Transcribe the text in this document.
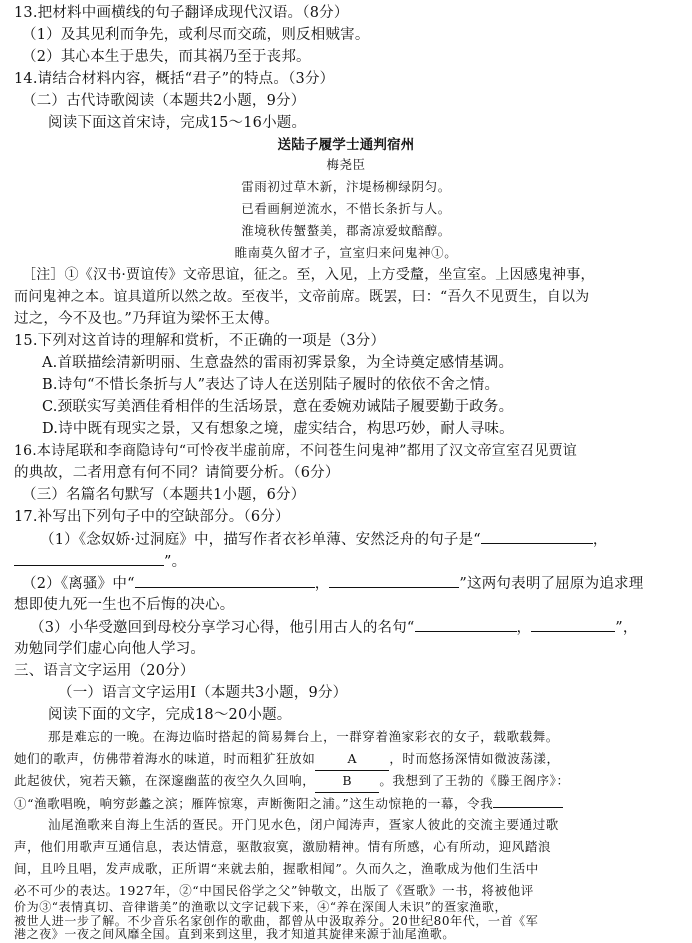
13.把材料中画横线的句子翻译成现代汉语。（8分）
（1）及其见利而争先，或利尽而交疏，则反相贼害。
（2）其心本生于患失，而其祸乃至于丧邦。
14.请结合材料内容，概括“君子”的特点。（3分）
（二）古代诗歌阅读（本题共2小题，9分）
阅读下面这首宋诗，完成15～16小题。
送陆子履学士通判宿州
梅尧臣
雷雨初过草木新，汴堤杨柳绿阴匀。
已看画舸逆流水，不惜长条折与人。
淮境秋传蟹螯美，郡斋凉爱蚊醅醇。
睢南莫久留才子，宣室归来问鬼神①。
［注］①《汉书·贾谊传》文帝思谊，征之。至，入见，上方受釐，坐宣室。上因感鬼神事，
而问鬼神之本。谊具道所以然之故。至夜半，文帝前席。既罢，曰：“吾久不见贾生，自以为
过之，今不及也。”乃拜谊为梁怀王太傅。
15.下列对这首诗的理解和赏析，不正确的一项是（3分）
A.首联描绘清新明丽、生意盎然的雷雨初霁景象，为全诗奠定感情基调。
B.诗句“不惜长条折与人”表达了诗人在送别陆子履时的依依不舍之情。
C.颈联实写美酒佳肴相伴的生活场景，意在委婉劝诫陆子履要勤于政务。
D.诗中既有现实之景，又有想象之境，虚实结合，构思巧妙，耐人寻味。
16.本诗尾联和李商隐诗句“可怜夜半虚前席，不问苍生问鬼神”都用了汉文帝宣室召见贾谊
的典故，二者用意有何不同？请简要分析。（6分）
（三）名篇名句默写（本题共1小题，6分）
17.补写出下列句子中的空缺部分。（6分）
（1）《念奴娇·过洞庭》中，描写作者衣衫单薄、安然泛舟的句子是“	，
”。
（2）《离骚》中“	，	”这两句表明了屈原为追求理
想即使九死一生也不后悔的决心。
（3）小华受邀回到母校分享学习心得，他引用古人的名句“	，	”，
劝勉同学们虚心向他人学习。
三、语言文字运用（20分）
（一）语言文字运用Ⅰ（本题共3小题，9分）
阅读下面的文字，完成18～20小题。
那是难忘的一晚。在海边临时搭起的简易舞台上，一群穿着渔家彩衣的女子，载歌载舞。
她们的歌声，仿佛带着海水的味道，时而粗犷狂放如	A	，时而悠扬深情如微波荡漾，
此起彼伏，宛若天籁，在深邃幽蓝的夜空久久回响， B 。我想到了王勃的《滕王阁序》：
①“渔歌唱晚，响穷彭蠡之滨；雁阵惊寒，声断衡阳之浦。”这生动惊艳的一幕，令我
汕尾渔歌来自海上生活的疍民。开门见水色，闭户闻涛声，疍家人彼此的交流主要通过歌
声，他们用歌声互通信息，表达情意，驱散寂寞，激励精神。情有所感，心有所动，迎风踏浪
间，且吟且唱，发声成歌，正所谓“来就去舶，握歌相闻”。久而久之，渔歌成为他们生活中
必不可少的表达。1927年，②“中国民俗学之父”钟敬文，出版了《疍歌》一书，将被他评
价为③“表情真切、音律谐美”的渔歌以文字记载下来，④“养在深闺人未识”的疍家渔歌，
被世人进一步了解。不少音乐名家创作的歌曲，都曾从中汲取养分。20世纪80年代，一首《军
港之夜》一夜之间风靡全国。直到来到这里，我才知道其旋律来源于汕尾渔歌。
